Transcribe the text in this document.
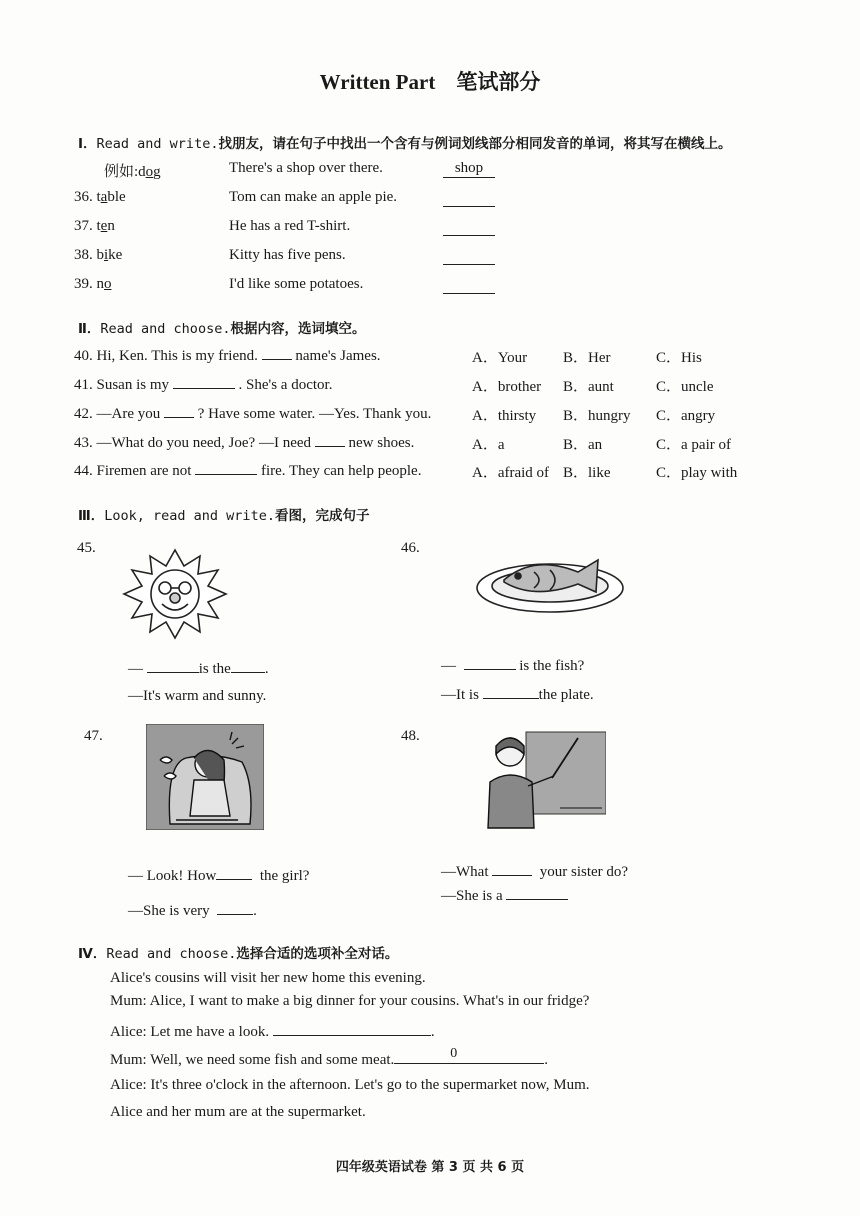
Written Part　笔试部分
Ⅰ．Read and write.找朋友，请在句子中找出一个含有与例词划线部分相同发音的单词，将其写在横线上。
例如:dog	There's a shop over there.	shop
36. table	Tom can make an apple pie.
37. ten	He has a red T-shirt.
38. bike	Kitty has five pens.
39. no	I'd like some potatoes.
Ⅱ．Read and choose.根据内容，选词填空。
40. Hi, Ken. This is my friend.	name's James.	A．Your B．Her	C．His
41. Susan is my	. She's a doctor.	A．brother B．aunt	C．uncle
42. —Are you	? Have some water. —Yes. Thank you.	A．thirsty B．hungry C．angry
43. —What do you need, Joe? —I need	new shoes.	A．a	B．an	C．a pair of
44. Firemen are not	fire. They can help people.	A．afraid of B．like	C．play with
Ⅲ．Look, read and write.看图，完成句子
45.
—	is the .
—It's warm and sunny.
46.
—	is the fish?
—It is	the plate.
47.
— Look! How	the girl?
—She is very	.
48.
—What	your sister do?
—She is a
Ⅳ．Read and choose.选择合适的选项补全对话。
Alice's cousins will visit her new home this evening.
Mum: Alice, I want to make a big dinner for your cousins. What's in our fridge?
Alice: Let me have a look.	.
Mum: Well, we need some fish and some meat.	0	.
Alice: It's three o'clock in the afternoon. Let's go to the supermarket now, Mum.
Alice and her mum are at the supermarket.
四年级英语试卷 第 3 页 共 6 页
